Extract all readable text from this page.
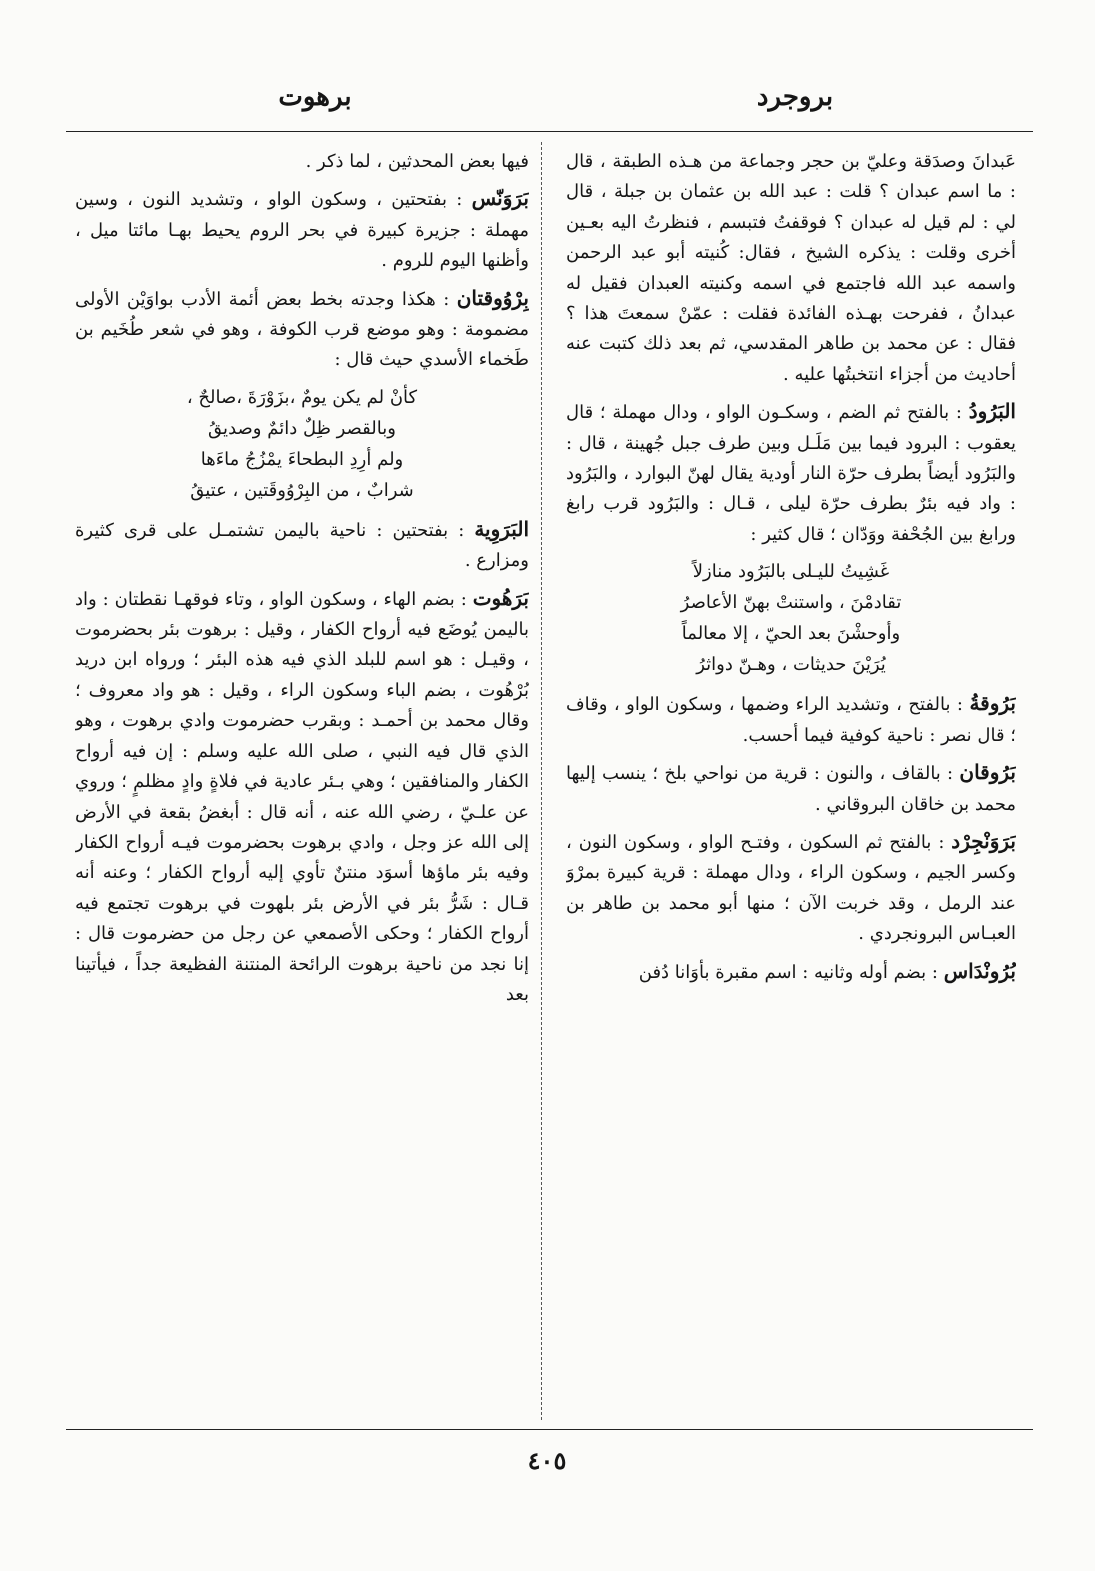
بروجرد
برهوت

عَبدانَ وصدَقة وعليّ بن حجر وجماعة من هـذه الطبقة ، قال : ما اسم عبدان ؟ قلت : عبد الله بن عثمان بن جبلة ، قال لي : لم قيل له عبدان ؟ فوقفتُ فتبسم ، فنظرتُ اليه بعـين أخرى وقلت : يذكره الشيخ ، فقال: كُنيته أبو عبد الرحمن واسمه عبد الله فاجتمع في اسمه وكنيته العبدان فقيل له عبدانُ ، ففرحت بهـذه الفائدة فقلت : عمّنْ سمعتَ هذا ؟ فقال : عن محمد بن طاهر المقدسي، ثم بعد ذلك كتبت عنه أحاديث من أجزاء انتخبتُها عليه .

البَرُودُ : بالفتح ثم الضم ، وسكـون الواو ، ودال مهملة ؛ قال يعقوب : البرود فيما بين مَلَـل وبين طرف جبل جُهينة ، قال : والبَرُود أيضاً بطرف حرّة النار أودية يقال لهنّ البوارد ، والبَرُود : واد فيه بئرٌ بطرف حرّة ليلى ، قـال : والبَرُود قرب رابغ ورابغ بين الجُحْفة ووَدّان ؛ قال كثير :

غَشِيتُ لليـلى بالبَرُود منازلاً
تقادمْنَ ، واستنتْ بهنّ الأعاصرُ
وأوحشْنَ بعد الحيّ ، إلا معالماً
يُرَيْنَ حديثات ، وهـنّ دواثرُ

بَرُوقةُ : بالفتح ، وتشديد الراء وضمها ، وسكون الواو ، وقاف ؛ قال نصر : ناحية كوفية فيما أحسب.

بَرُوقان : بالقاف ، والنون : قرية من نواحي بلخ ؛ ينسب إليها محمد بن خاقان البروقاني .

بَرَوَنْجِرْد : بالفتح ثم السكون ، وفتـح الواو ، وسكون النون ، وكسر الجيم ، وسكون الراء ، ودال مهملة : قرية كبيرة بمرْوَ عند الرمل ، وقد خربت الآن ؛ منها أبو محمد بن طاهر بن العبـاس البرونجردي .

بُرُونْدَاس : بضم أوله وثانيه : اسم مقبرة بأوَانا دُفن

فيها بعض المحدثين ، لما ذكر .

بَرَوَنّس : بفتحتين ، وسكون الواو ، وتشديد النون ، وسين مهملة : جزيرة كبيرة في بحر الروم يحيط بهـا مائتا ميل ، وأظنها اليوم للروم .

بِرْوُوقتان : هكذا وجدته بخط بعض أئمة الأدب بواوَيْن الأولى مضمومة : وهو موضع قرب الكوفة ، وهو في شعر طُخَيم بن طَخماء الأسدي حيث قال :

كأنْ لم يكن يومٌ ،بزَوْرَةَ ،صالحٌ ،
وبالقصر ظِلٌ دائمٌ وصديقُ
ولم أرِدِ البطحاءَ يمْزُجُ ماءَها
شرابٌ ، من البِرْوُوقَتين ، عتيقُ

البَرَوِية : بفتحتين : ناحية باليمن تشتمـل على قرى كثيرة ومزارع .

بَرَهُوت : بضم الهاء ، وسكون الواو ، وتاء فوقهـا نقطتان : واد باليمن يُوضَع فيه أرواح الكفار ، وقيل : برهوت بئر بحضرموت ، وقيـل : هو اسم للبلد الذي فيه هذه البئر ؛ ورواه ابن دريد بُرْهُوت ، بضم الباء وسكون الراء ، وقيل : هو واد معروف ؛ وقال محمد بن أحمـد : وبقرب حضرموت وادي برهوت ، وهو الذي قال فيه النبي ، صلى الله عليه وسلم : إن فيه أرواح الكفار والمنافقين ؛ وهي بـئر عادية في فلاةٍ وادٍ مظلمٍ ؛ وروي عن علـيّ ، رضي الله عنه ، أنه قال : أبغضُ بقعة في الأرض إلى الله عز وجل ، وادي برهوت بحضرموت فيـه أرواح الكفار وفيه بئر ماؤها أسوَد منتنٌ تأوي إليه أرواح الكفار ؛ وعنه أنه قـال : شَرُّ بئر في الأرض بئر بلهوت في برهوت تجتمع فيه أرواح الكفار ؛ وحكى الأصمعي عن رجل من حضرموت قال : إنا نجد من ناحية برهوت الرائحة المنتنة الفظيعة جداً ، فيأتينا بعد

٤٠٥
